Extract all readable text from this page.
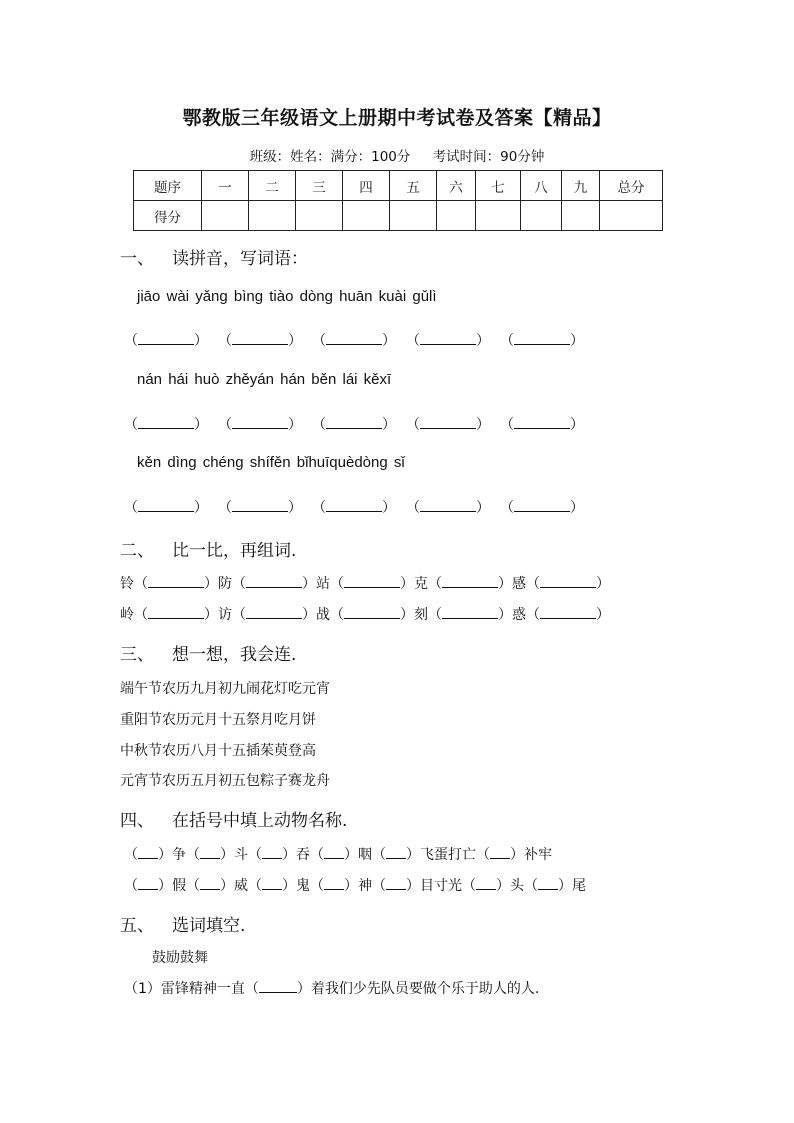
鄂教版三年级语文上册期中考试卷及答案【精品】
班级：姓名：满分：100分 考试时间：90分钟
题序	一	二	三	四	五	六	七	八	九	总分
得分										
一、 读拼音，写词语：
jiāo wài yǎng bìng tiào dòng huān kuài gǔlì
（	） （	） （	） （	） （	）
nán hái huò zhěyán hán běn lái kěxī
（	） （	） （	） （	） （	）
kěn dìng chéng shífěn bǐhuīquèdòng sǐ
（	） （	） （	） （	） （	）
二、 比一比，再组词.
铃（	）防（	）站（	）克（	）感（	）
岭（	）访（	）战（	）刻（	）惑（	）
三、 想一想，我会连.
端午节农历九月初九闹花灯吃元宵
重阳节农历元月十五祭月吃月饼
中秋节农历八月十五插茱萸登高
元宵节农历五月初五包粽子赛龙舟
四、 在括号中填上动物名称.
（ ）争（ ）斗（ ）吞（ ）咽（ ）飞蛋打亡（ ）补牢
（ ）假（ ）威（ ）鬼（ ）神（ ）目寸光（ ）头（ ）尾
五、 选词填空.
鼓励鼓舞
（1）雷锋精神一直（	）着我们少先队员要做个乐于助人的人.
